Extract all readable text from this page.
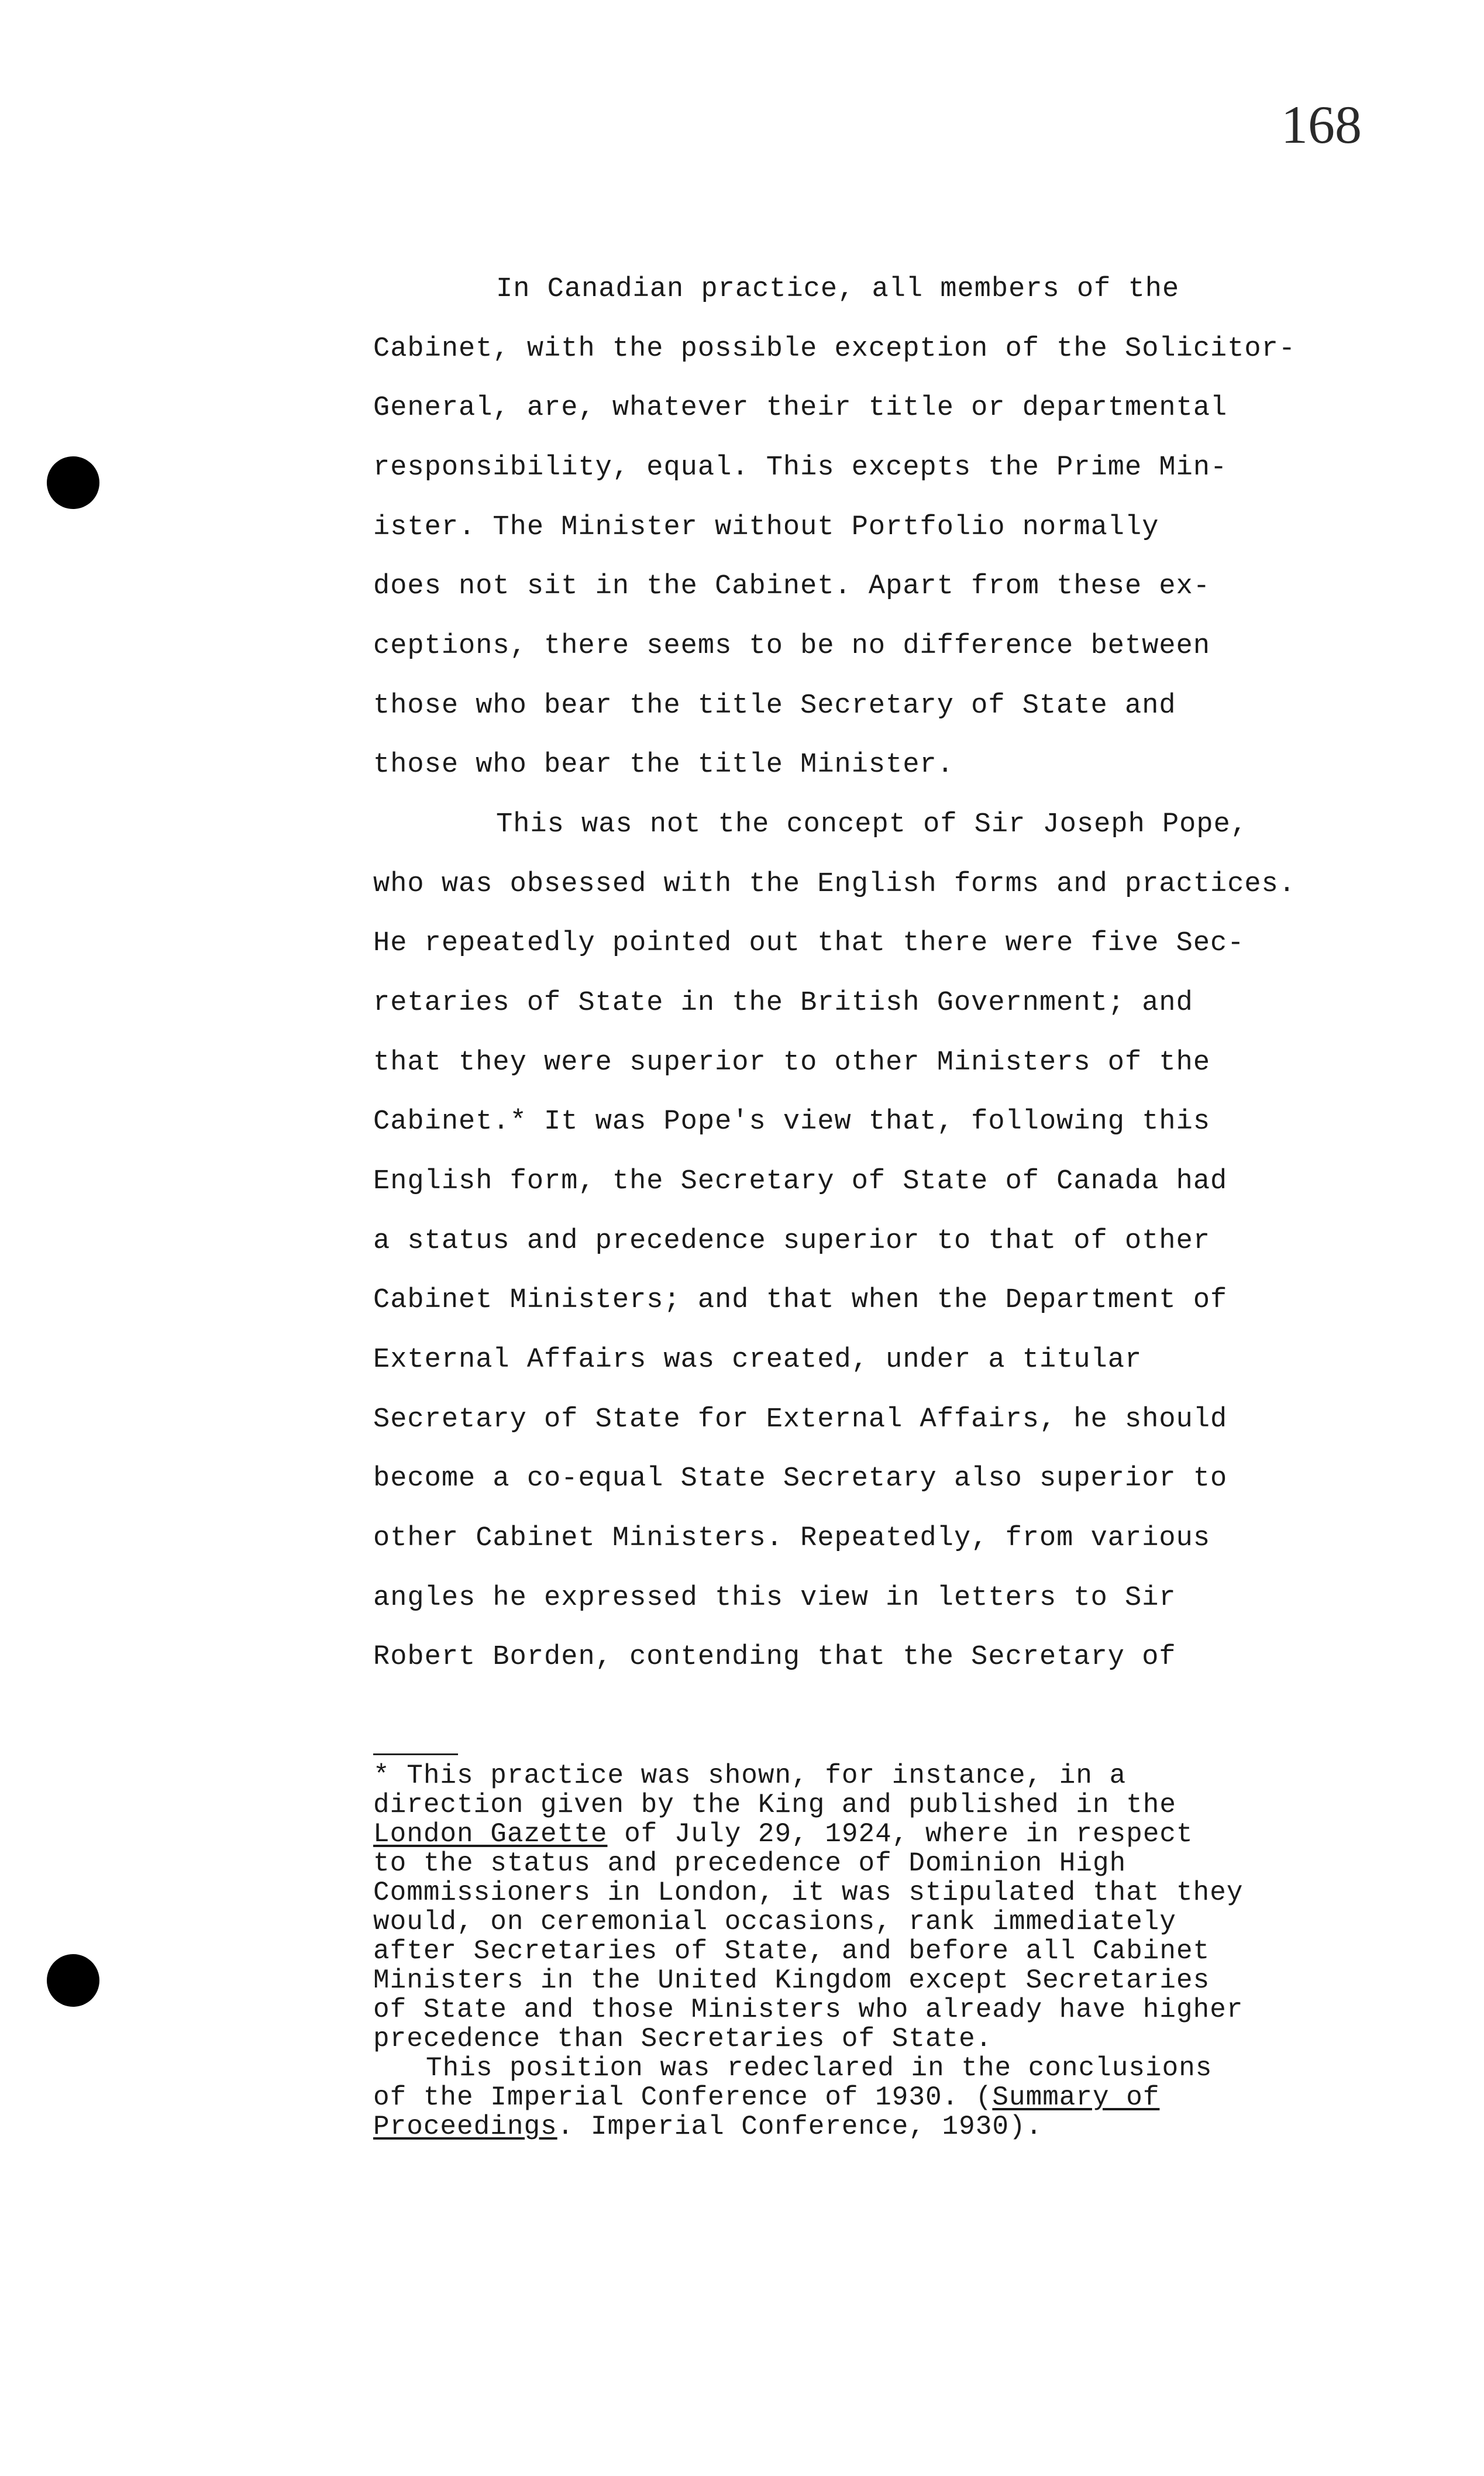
168
In Canadian practice, all members of the
Cabinet, with the possible exception of the Solicitor-
General, are, whatever their title or departmental
responsibility, equal. This excepts the Prime Min-
ister. The Minister without Portfolio normally
does not sit in the Cabinet. Apart from these ex-
ceptions, there seems to be no difference between
those who bear the title Secretary of State and
those who bear the title Minister.
This was not the concept of Sir Joseph Pope,
who was obsessed with the English forms and practices.
He repeatedly pointed out that there were five Sec-
retaries of State in the British Government; and
that they were superior to other Ministers of the
Cabinet.* It was Pope's view that, following this
English form, the Secretary of State of Canada had
a status and precedence superior to that of other
Cabinet Ministers; and that when the Department of
External Affairs was created, under a titular
Secretary of State for External Affairs, he should
become a co-equal State Secretary also superior to
other Cabinet Ministers. Repeatedly, from various
angles he expressed this view in letters to Sir
Robert Borden, contending that the Secretary of
* This practice was shown, for instance, in a
direction given by the King and published in the
London Gazette of July 29, 1924, where in respect
to the status and precedence of Dominion High
Commissioners in London, it was stipulated that they
would, on ceremonial occasions, rank immediately
after Secretaries of State, and before all Cabinet
Ministers in the United Kingdom except Secretaries
of State and those Ministers who already have higher
precedence than Secretaries of State.
This position was redeclared in the conclusions
of the Imperial Conference of 1930. (Summary of
Proceedings. Imperial Conference, 1930).
